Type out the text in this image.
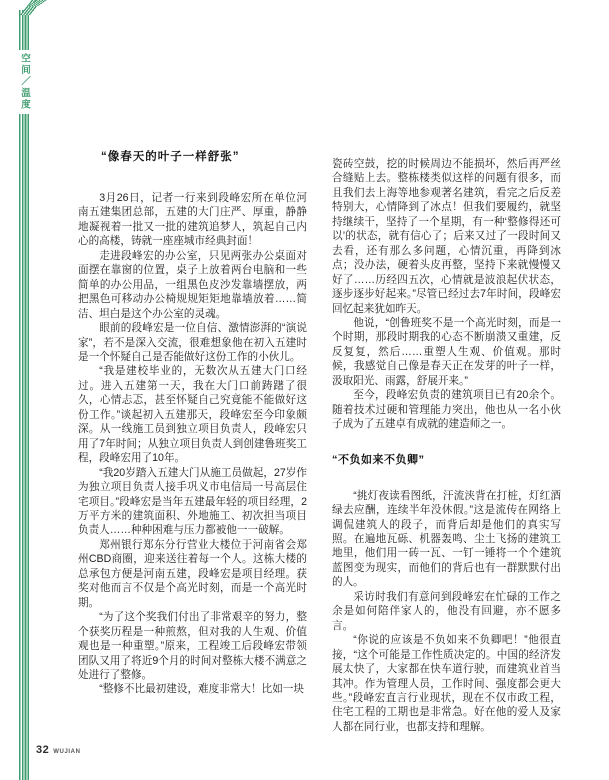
空间／温度
“像春天的叶子一样舒张”

3月26日，记者一行来到段峰宏所在单位河南五建集团总部，五建的大门庄严、厚重，静静地凝视着一批又一批的建筑追梦人，筑起自己内心的高楼，铸就一座座城市经典封面！

走进段峰宏的办公室，只见两张办公桌面对面摆在靠窗的位置，桌子上放着两台电脑和一些简单的办公用品，一组黑色皮沙发靠墙摆放，两把黑色可移动办公椅规规矩矩地靠墙放着……简洁、坦白是这个办公室的灵魂。

眼前的段峰宏是一位自信、激情澎湃的“演说家”，若不是深入交流，很难想象他在初入五建时是一个怀疑自己是否能做好这份工作的小伙儿。

“我是建校毕业的，无数次从五建大门口经过。进入五建第一天，我在大门口前踌躇了很久，心情忐忑，甚至怀疑自己究竟能不能做好这份工作。”谈起初入五建那天，段峰宏至今印象颇深。从一线施工员到独立项目负责人，段峰宏只用了7年时间；从独立项目负责人到创建鲁班奖工程，段峰宏用了10年。

“我20岁踏入五建大门从施工员做起，27岁作为独立项目负责人接手巩义市电信局一号高层住宅项目。”段峰宏是当年五建最年轻的项目经理，2万平方米的建筑面积、外地施工、初次担当项目负责人……种种困难与压力都被他一一破解。

郑州银行郑东分行营业大楼位于河南省会郑州CBD商圈，迎来送往着每一个人。这栋大楼的总承包方便是河南五建，段峰宏是项目经理。获奖对他而言不仅是个高光时刻，而是一个高光时期。

“为了这个奖我们付出了非常艰辛的努力，整个获奖历程是一种煎熬，但对我的人生观、价值观也是一种重塑。”原来，工程竣工后段峰宏带领团队又用了将近9个月的时间对整栋大楼不满意之处进行了整修。

“整修不比最初建设，难度非常大！比如一块

瓷砖空鼓，挖的时候周边不能损坏，然后再严丝合缝贴上去。整栋楼类似这样的问题有很多，而且我们去上海等地参观著名建筑，看完之后反差特别大，心情降到了冰点！但我们要履约，就坚持继续干，坚持了一个星期，有一种‘整修得还可以’的状态，就有信心了；后来又过了一段时间又去看，还有那么多问题，心情沉重，再降到冰点；没办法，硬着头皮再整，坚持下来就慢慢又好了……历经四五次，心情就是波浪起伏状态，逐步逐步好起来。”尽管已经过去7年时间，段峰宏回忆起来犹如昨天。

他说，“创鲁班奖不是一个高光时刻，而是一个时期，那段时期我的心态不断崩溃又重建，反反复复，然后……重塑人生观、价值观。那时候，我感觉自己像是春天正在发芽的叶子一样，汲取阳光、雨露，舒展开来。”

至今，段峰宏负责的建筑项目已有20余个。随着技术过硬和管理能力突出，他也从一名小伙子成为了五建卓有成就的建造师之一。

“不负如来不负卿”

“挑灯夜读看图纸，汗流浃背在打桩，灯红酒绿去应酬，连续半年没休假。”这是流传在网络上调侃建筑人的段子，而背后却是他们的真实写照。在遍地瓦砾、机器轰鸣、尘土飞扬的建筑工地里，他们用一砖一瓦、一钉一锤将一个个建筑蓝图变为现实，而他们的背后也有一群默默付出的人。

采访时我们有意问到段峰宏在忙碌的工作之余是如何陪伴家人的，他没有回避，亦不愿多言。

“你说的应该是不负如来不负卿吧！”他很直接，“这个可能是工作性质决定的。中国的经济发展太快了，大家都在快车道行驶，而建筑业首当其冲。作为管理人员，工作时间、强度都会更大些。”段峰宏直言行业现状，现在不仅市政工程，住宅工程的工期也是非常急。好在他的爱人及家人都在同行业，也都支持和理解。

32 WUJIAN
